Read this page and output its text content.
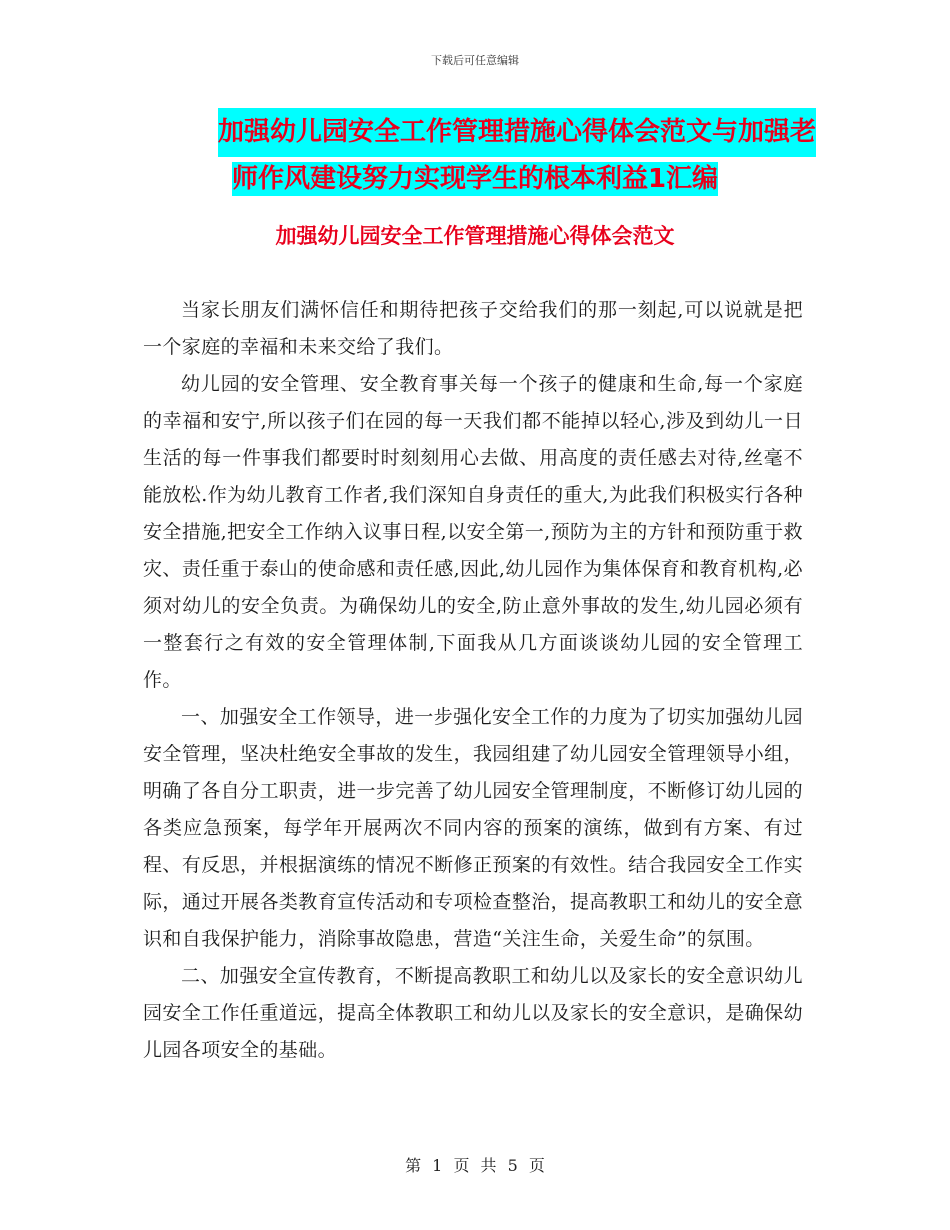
下载后可任意编辑
加强幼儿园安全工作管理措施心得体会范文与加强老
师作风建设努力实现学生的根本利益1汇编
加强幼儿园安全工作管理措施心得体会范文

当家长朋友们满怀信任和期待把孩子交给我们的那一刻起,可以说就是把一个家庭的幸福和未来交给了我们。

幼儿园的安全管理、安全教育事关每一个孩子的健康和生命,每一个家庭的幸福和安宁,所以孩子们在园的每一天我们都不能掉以轻心,涉及到幼儿一日生活的每一件事我们都要时时刻刻用心去做、用高度的责任感去对待,丝毫不能放松.作为幼儿教育工作者,我们深知自身责任的重大,为此我们积极实行各种安全措施,把安全工作纳入议事日程,以安全第一,预防为主的方针和预防重于救灾、责任重于泰山的使命感和责任感,因此,幼儿园作为集体保育和教育机构,必须对幼儿的安全负责。为确保幼儿的安全,防止意外事故的发生,幼儿园必须有一整套行之有效的安全管理体制,下面我从几方面谈谈幼儿园的安全管理工作。

一、加强安全工作领导，进一步强化安全工作的力度为了切实加强幼儿园安全管理，坚决杜绝安全事故的发生，我园组建了幼儿园安全管理领导小组，明确了各自分工职责，进一步完善了幼儿园安全管理制度，不断修订幼儿园的各类应急预案，每学年开展两次不同内容的预案的演练，做到有方案、有过程、有反思，并根据演练的情况不断修正预案的有效性。结合我园安全工作实际，通过开展各类教育宣传活动和专项检查整治，提高教职工和幼儿的安全意识和自我保护能力，消除事故隐患，营造“关注生命，关爱生命”的氛围。

二、加强安全宣传教育，不断提高教职工和幼儿以及家长的安全意识幼儿园安全工作任重道远，提高全体教职工和幼儿以及家长的安全意识，是确保幼儿园各项安全的基础。

第 1 页 共 5 页
